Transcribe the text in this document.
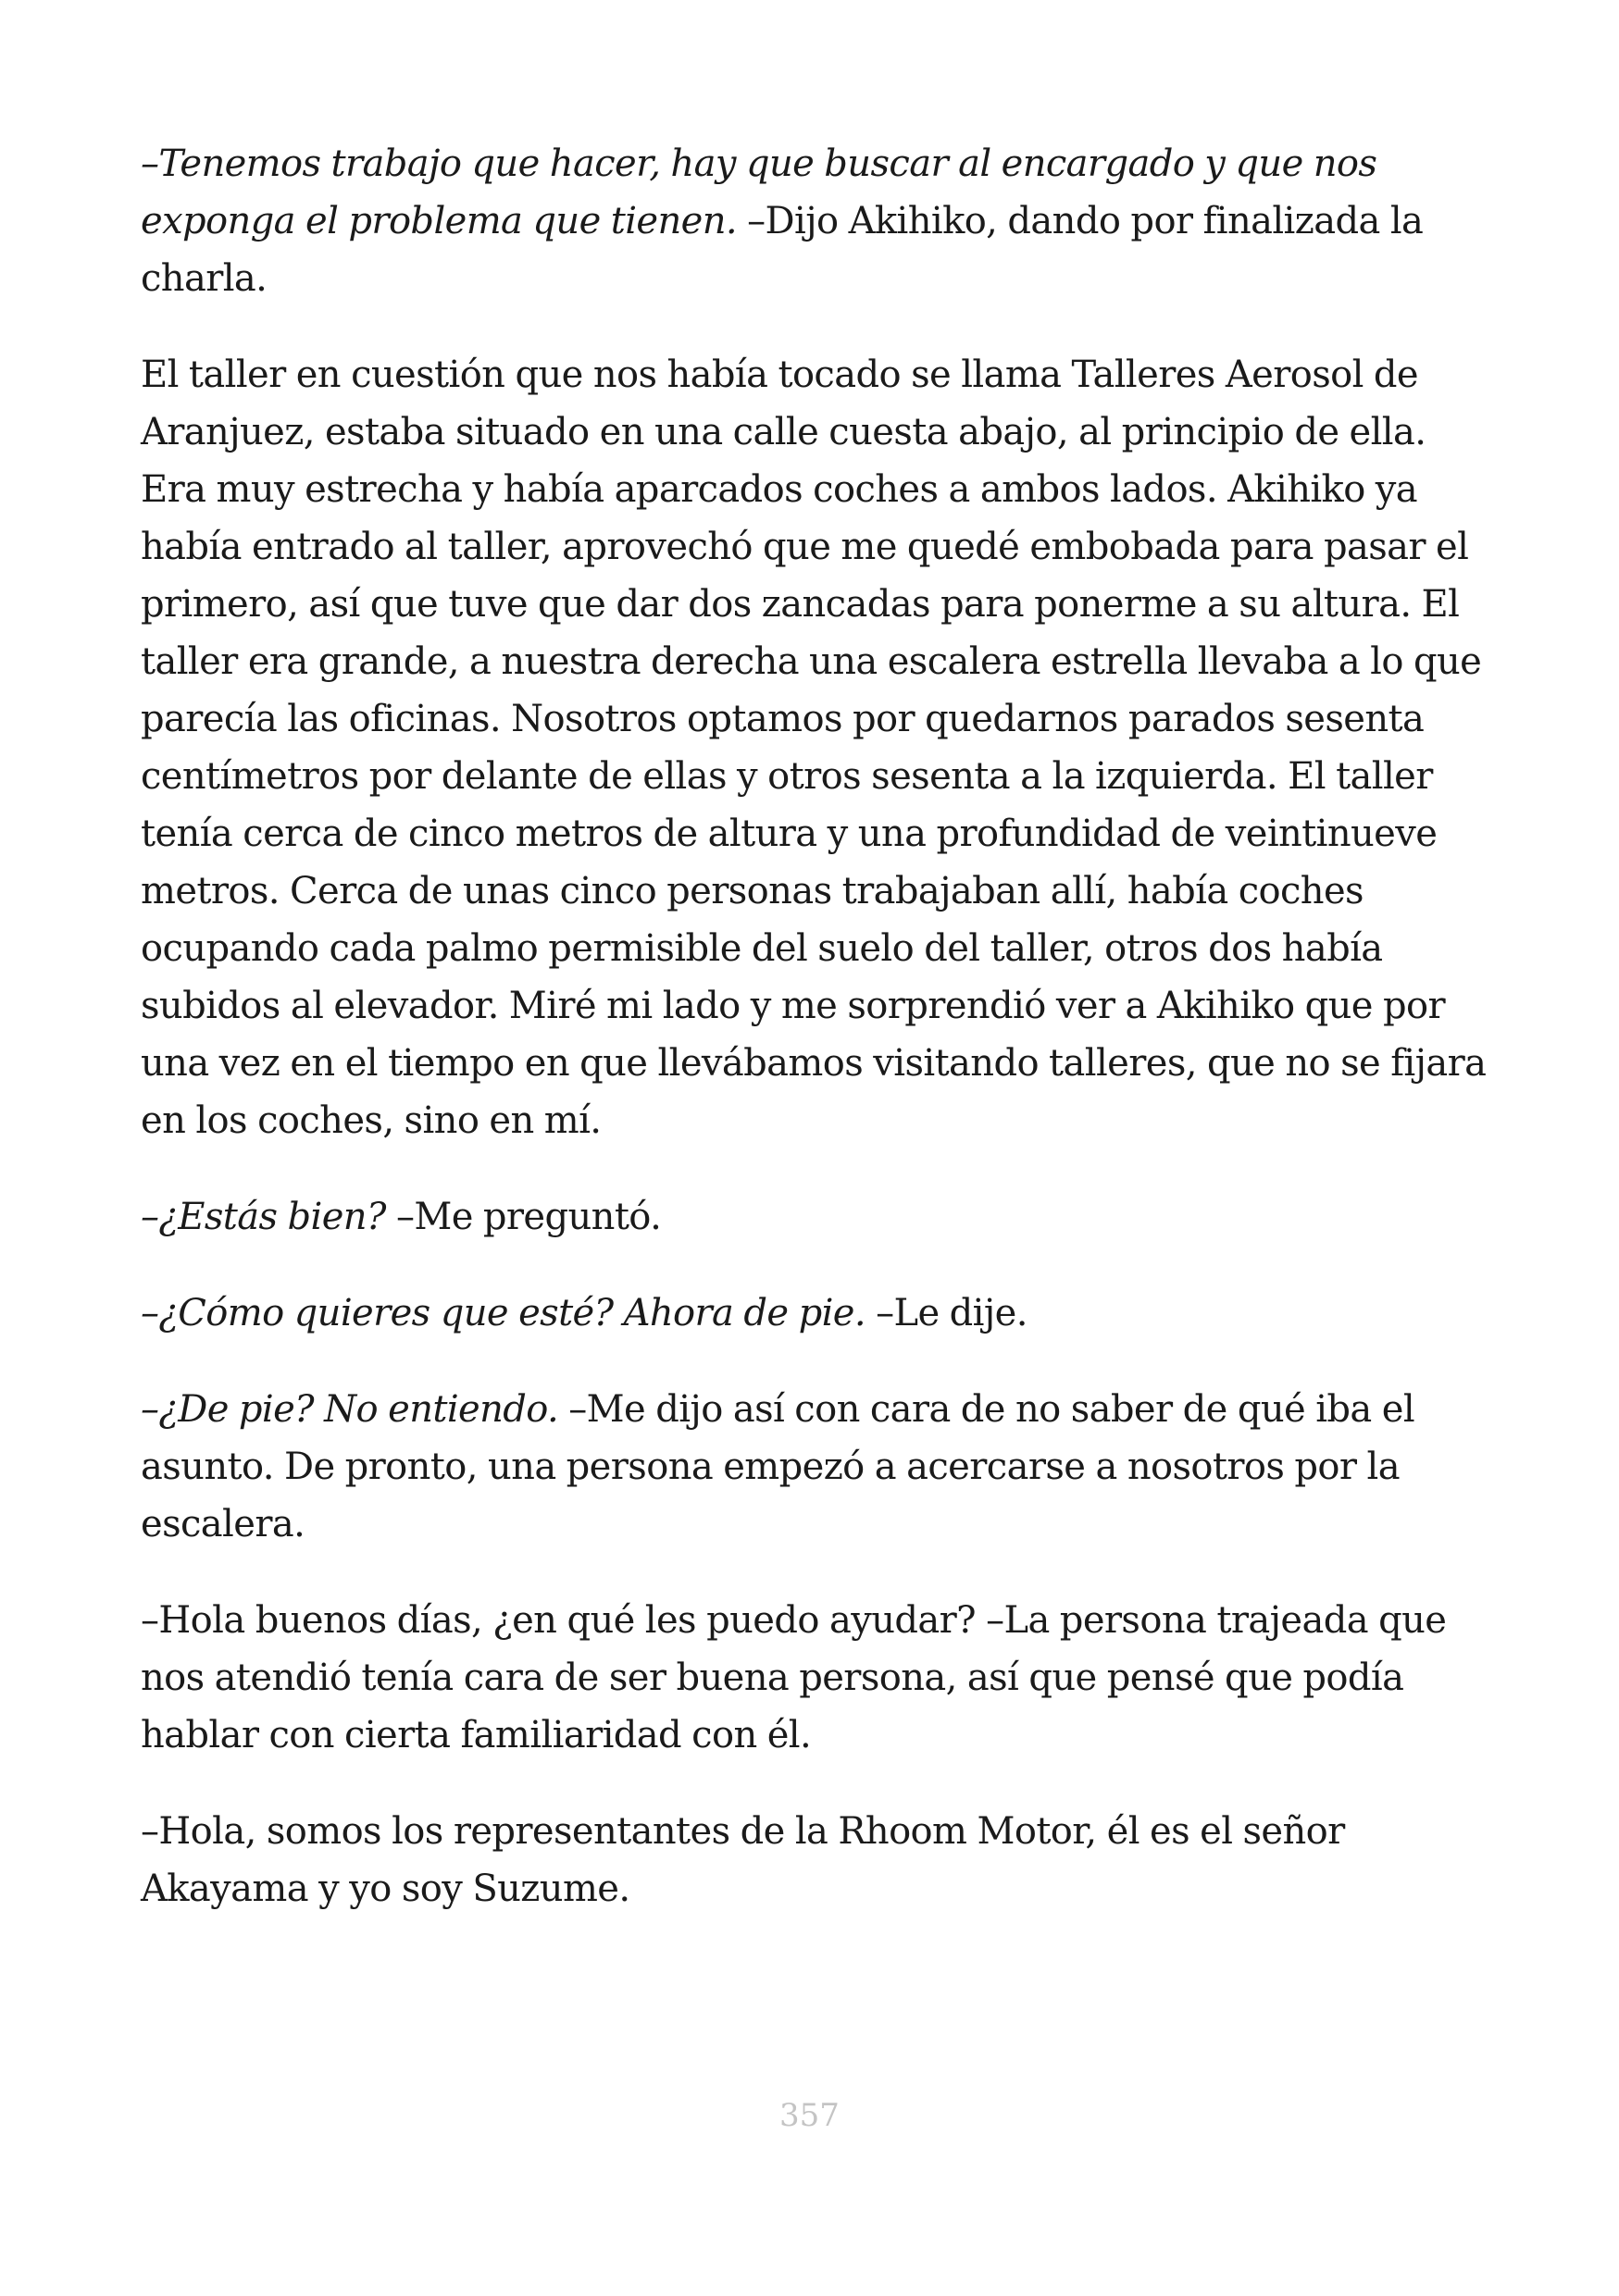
–Tenemos trabajo que hacer, hay que buscar al encargado y que nos exponga el problema que tienen. –Dijo Akihiko, dando por finalizada la charla.

El taller en cuestión que nos había tocado se llama Talleres Aerosol de Aranjuez, estaba situado en una calle cuesta abajo, al principio de ella. Era muy estrecha y había aparcados coches a ambos lados. Akihiko ya había entrado al taller, aprovechó que me quedé embobada para pasar el primero, así que tuve que dar dos zancadas para ponerme a su altura. El taller era grande, a nuestra derecha una escalera estrella llevaba a lo que parecía las oficinas. Nosotros optamos por quedarnos parados sesenta centímetros por delante de ellas y otros sesenta a la izquierda. El taller tenía cerca de cinco metros de altura y una profundidad de veintinueve metros. Cerca de unas cinco personas trabajaban allí, había coches ocupando cada palmo permisible del suelo del taller, otros dos había subidos al elevador. Miré mi lado y me sorprendió ver a Akihiko que por una vez en el tiempo en que llevábamos visitando talleres, que no se fijara en los coches, sino en mí.

–¿Estás bien? –Me preguntó.

–¿Cómo quieres que esté? Ahora de pie. –Le dije.

–¿De pie? No entiendo. –Me dijo así con cara de no saber de qué iba el asunto. De pronto, una persona empezó a acercarse a nosotros por la escalera.

–Hola buenos días, ¿en qué les puedo ayudar? –La persona trajeada que nos atendió tenía cara de ser buena persona, así que pensé que podía hablar con cierta familiaridad con él.

–Hola, somos los representantes de la Rhoom Motor, él es el señor Akayama y yo soy Suzume.

357
